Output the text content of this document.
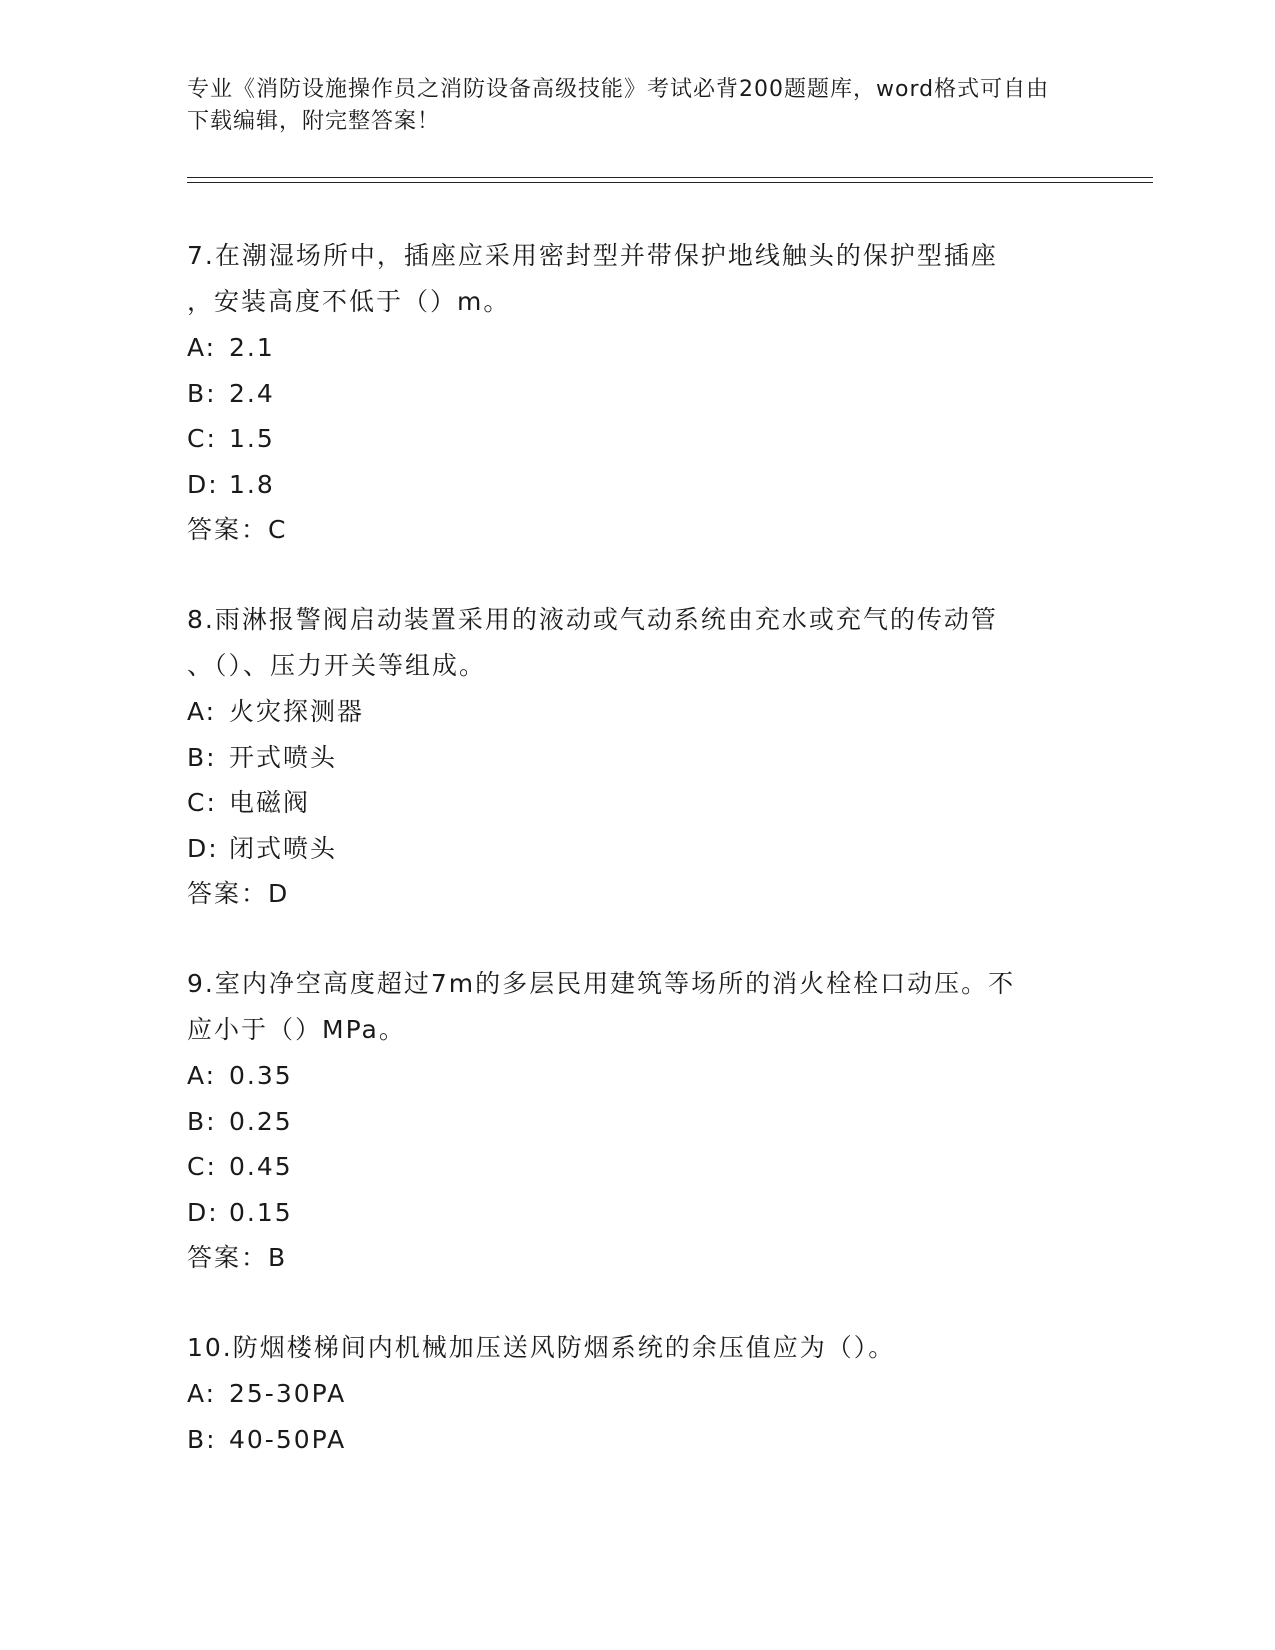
专业《消防设施操作员之消防设备高级技能》考试必背200题题库，word格式可自由下载编辑，附完整答案！

7.在潮湿场所中，插座应采用密封型并带保护地线触头的保护型插座

，安装高度不低于（）m。

A: 2.1

B: 2.4

C: 1.5

D: 1.8

答案：C

8.雨淋报警阀启动装置采用的液动或气动系统由充水或充气的传动管

、（）、压力开关等组成。

A: 火灾探测器

B: 开式喷头

C: 电磁阀

D: 闭式喷头

答案：D

9.室内净空高度超过7m的多层民用建筑等场所的消火栓栓口动压。不

应小于（）MPa。

A: 0.35

B: 0.25

C: 0.45

D: 0.15

答案：B

10.防烟楼梯间内机械加压送风防烟系统的余压值应为（）。

A: 25-30PA

B: 40-50PA
